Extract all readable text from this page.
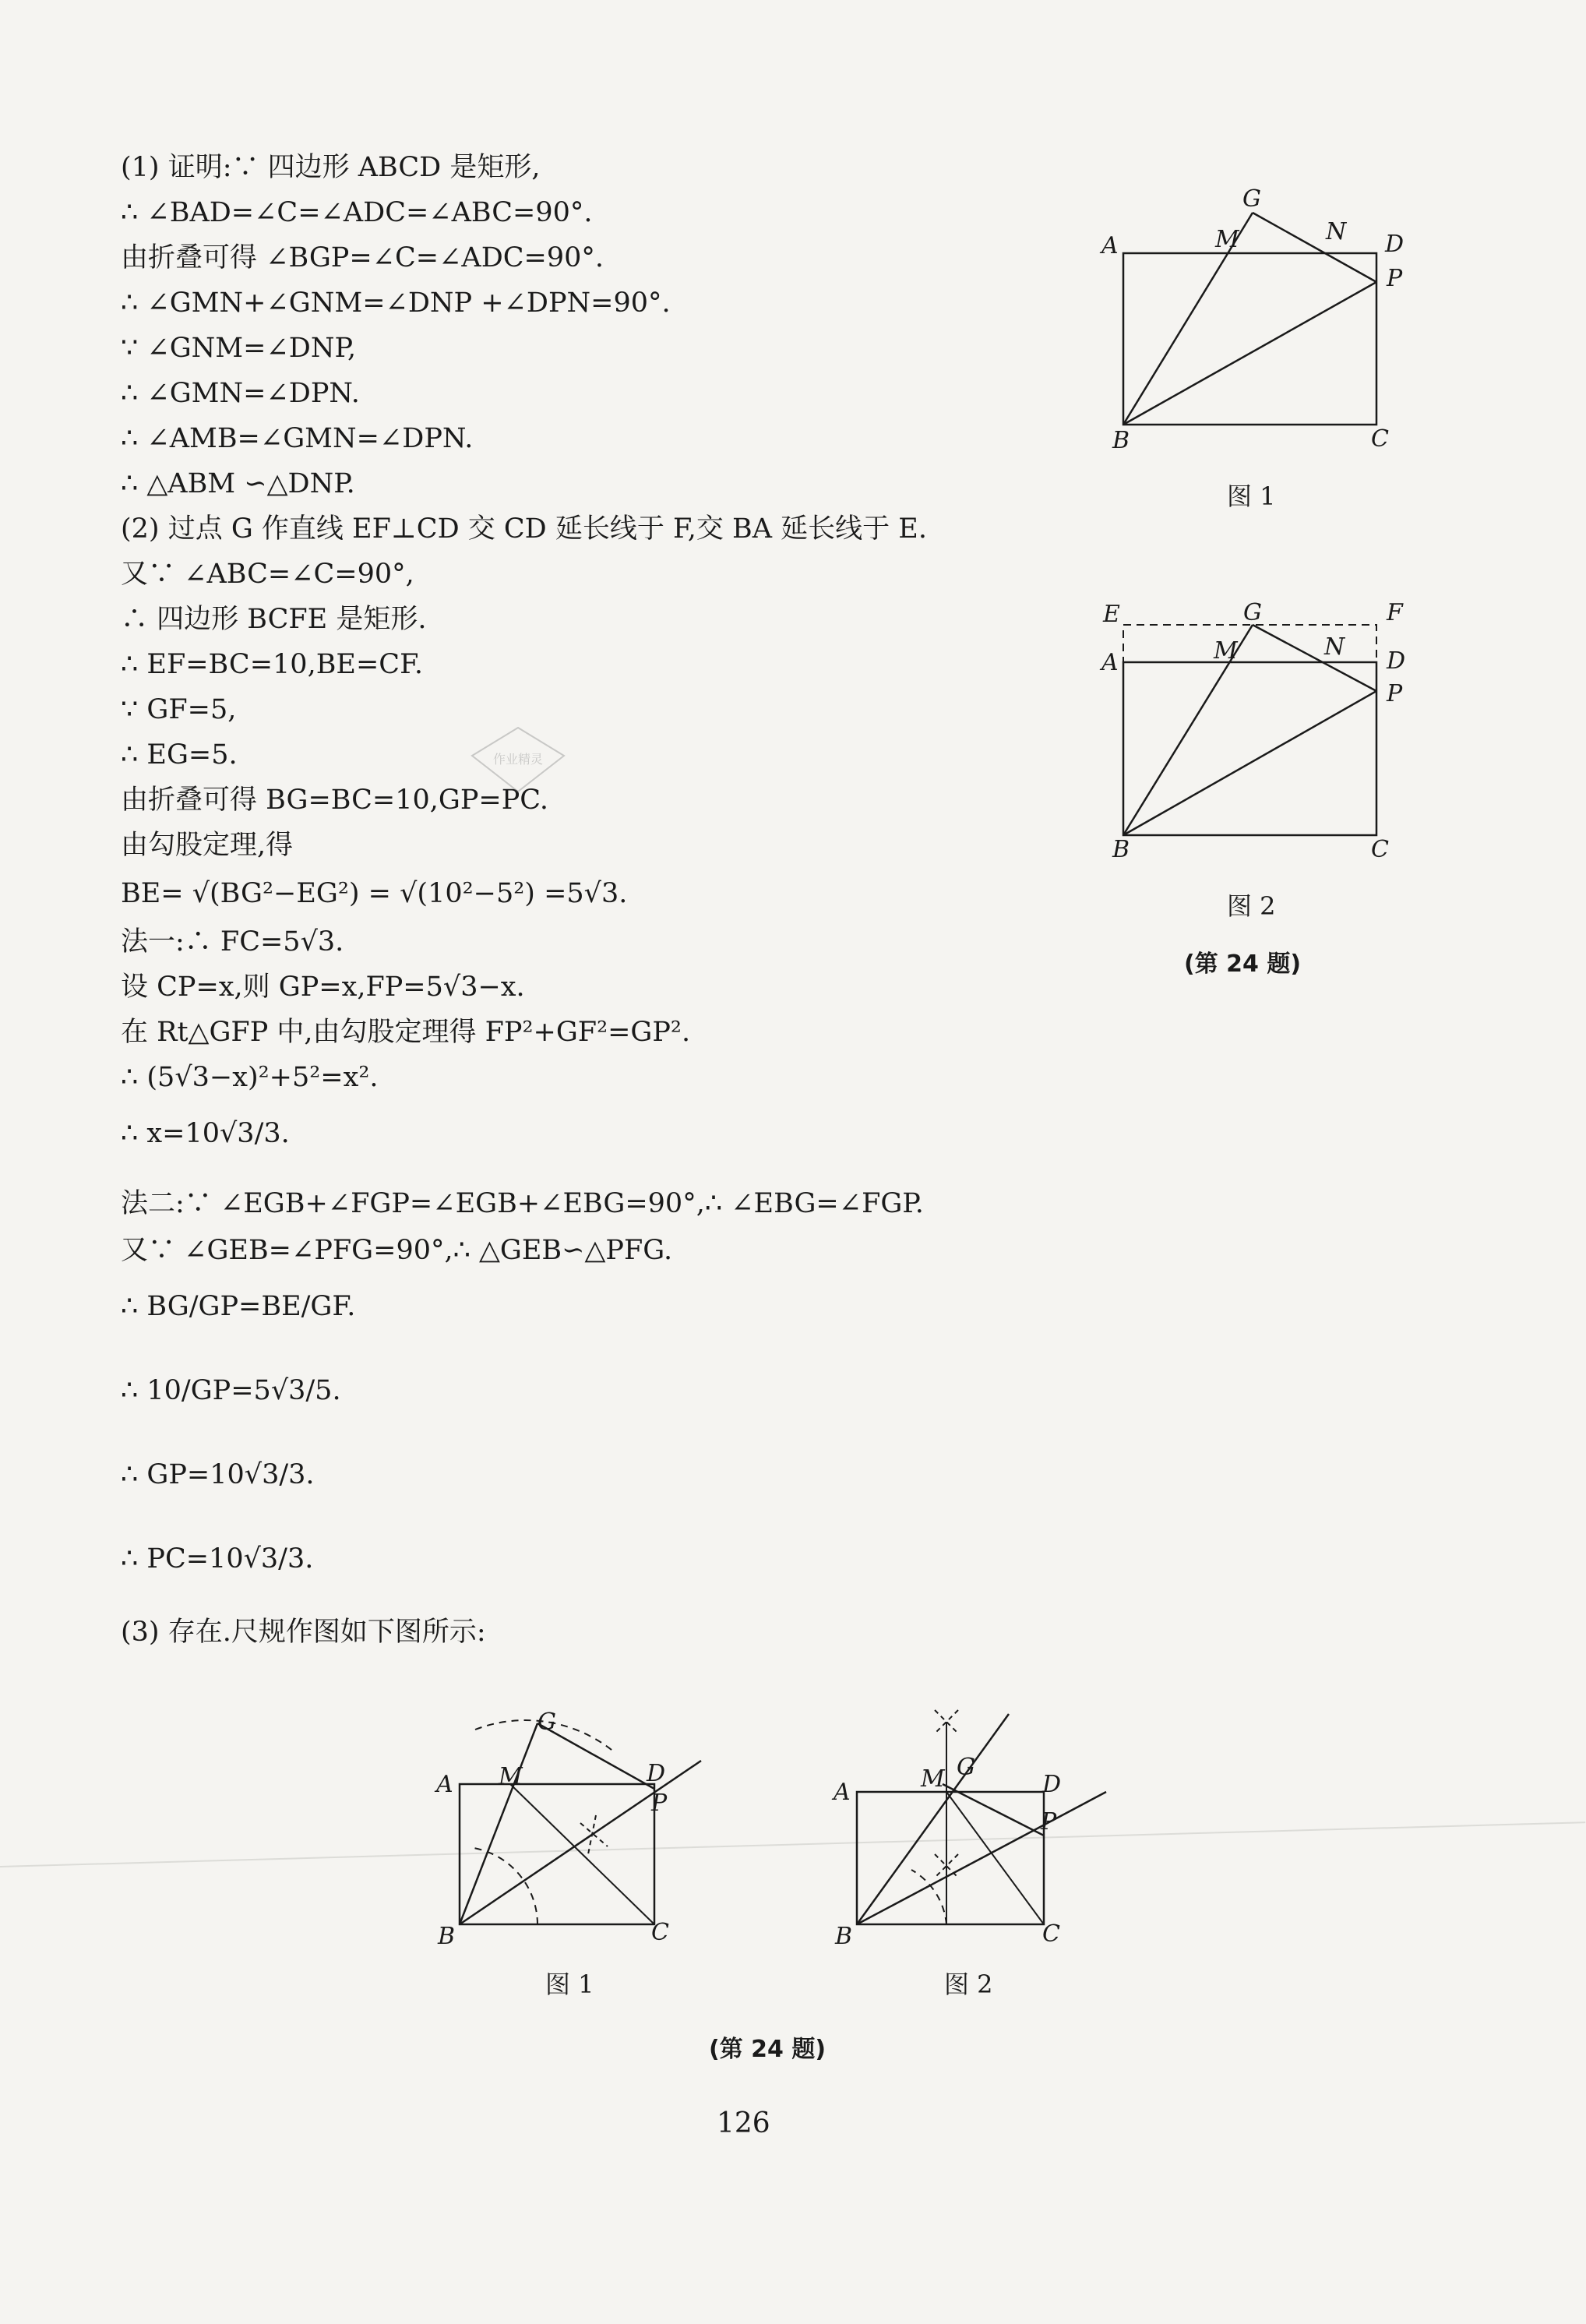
(1) 证明:∵ 四边形 ABCD 是矩形,
∴ ∠BAD=∠C=∠ADC=∠ABC=90°.
由折叠可得 ∠BGP=∠C=∠ADC=90°.
∴ ∠GMN+∠GNM=∠DNP +∠DPN=90°.
∵ ∠GNM=∠DNP,
∴ ∠GMN=∠DPN.
∴ ∠AMB=∠GMN=∠DPN.
∴ △ABM ∽△DNP.
(2) 过点 G 作直线 EF⊥CD 交 CD 延长线于 F,交 BA 延长线于 E.
又∵ ∠ABC=∠C=90°,
∴ 四边形 BCFE 是矩形.
∴ EF=BC=10,BE=CF.
∵ GF=5,
∴ EG=5.
由折叠可得 BG=BC=10,GP=PC.
由勾股定理,得
BE= √(BG²−EG²) = √(10²−5²) =5√3.
法一:∴ FC=5√3.
设 CP=x,则 GP=x,FP=5√3−x.
在 Rt△GFP 中,由勾股定理得 FP²+GF²=GP².
∴ (5√3−x)²+5²=x².
∴ x=10√3/3.
法二:∵ ∠EGB+∠FGP=∠EGB+∠EBG=90°,∴ ∠EBG=∠FGP.
又∵ ∠GEB=∠PFG=90°,∴ △GEB∽△PFG.
∴ BG/GP=BE/GF.
∴ 10/GP=5√3/5.
∴ GP=10√3/3.
∴ PC=10√3/3.
(3) 存在.尺规作图如下图所示:
作业精灵
A	M
G
N D
P
B	C
图 1
E	G	F
A	M	N
D
P
B	C
图 2
(第 24 题)
A M
G
D
P
B	C
图 1
A	M G
D
P
B	C
图 2
(第 24 题)
126
